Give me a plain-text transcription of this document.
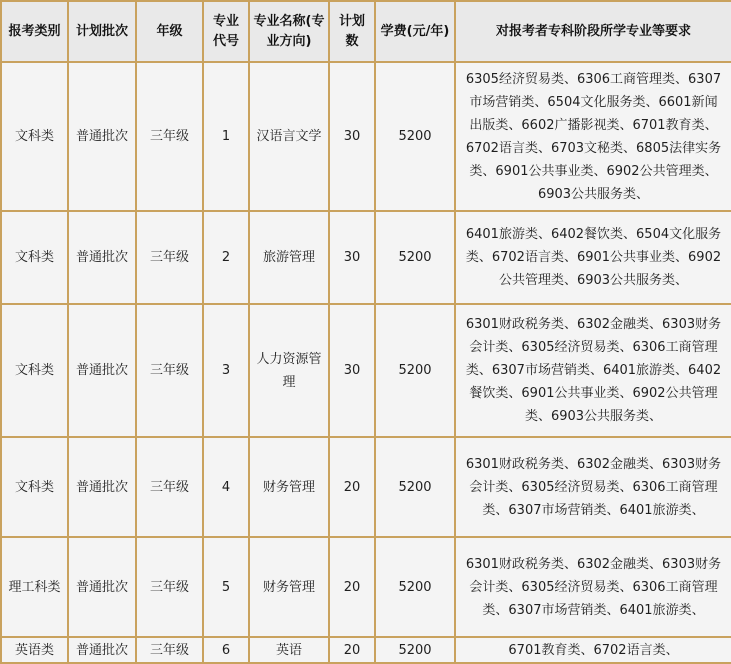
报考类别	计划批次	年级	专业代号	专业名称(专业方向)	计划数	学费(元/年)	对报考者专科阶段所学专业等要求
文科类	普通批次	三年级	1	汉语言文学	30	5200	6305经济贸易类、6306工商管理类、6307市场营销类、6504文化服务类、6601新闻出版类、6602广播影视类、6701教育类、6702语言类、6703文秘类、6805法律实务类、6901公共事业类、6902公共管理类、6903公共服务类、
文科类	普通批次	三年级	2	旅游管理	30	5200	6401旅游类、6402餐饮类、6504文化服务类、6702语言类、6901公共事业类、6902公共管理类、6903公共服务类、
文科类	普通批次	三年级	3	人力资源管理	30	5200	6301财政税务类、6302金融类、6303财务会计类、6305经济贸易类、6306工商管理类、6307市场营销类、6401旅游类、6402餐饮类、6901公共事业类、6902公共管理类、6903公共服务类、
文科类	普通批次	三年级	4	财务管理	20	5200	6301财政税务类、6302金融类、6303财务会计类、6305经济贸易类、6306工商管理类、6307市场营销类、6401旅游类、
理工科类	普通批次	三年级	5	财务管理	20	5200	6301财政税务类、6302金融类、6303财务会计类、6305经济贸易类、6306工商管理类、6307市场营销类、6401旅游类、
英语类	普通批次	三年级	6	英语	20	5200	6701教育类、6702语言类、
